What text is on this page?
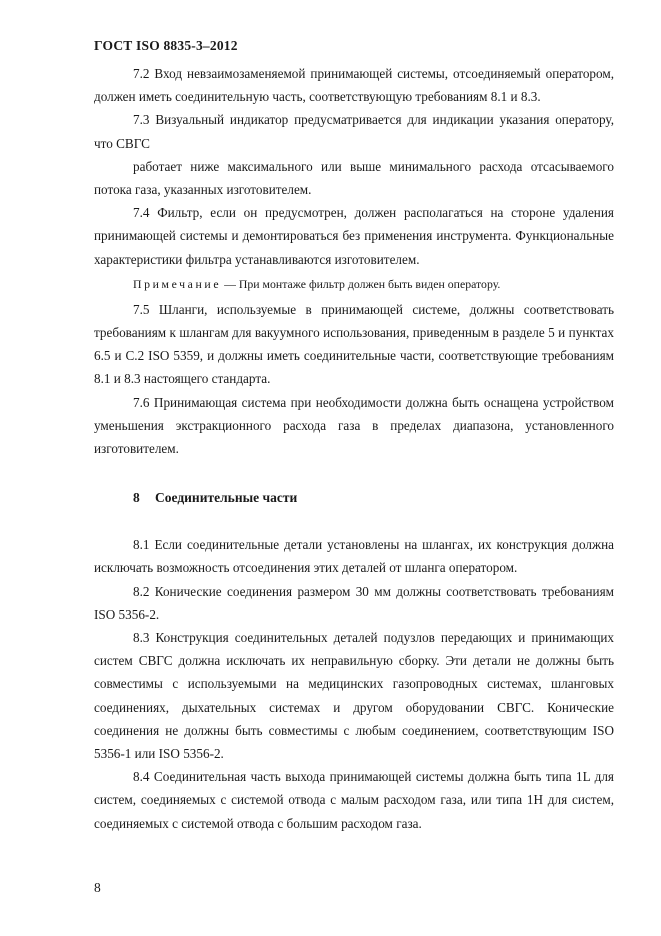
ГОСТ ISO 8835-3–2012

7.2 Вход невзаимозаменяемой принимающей системы, отсоединяемый оператором, должен иметь соединительную часть, соответствующую требованиям 8.1 и 8.3.

7.3 Визуальный индикатор предусматривается для индикации указания оператору, что СВГС

работает ниже максимального или выше минимального расхода отсасываемого потока газа, указанных изготовителем.

7.4 Фильтр, если он предусмотрен, должен располагаться на стороне удаления принимающей системы и демонтироваться без применения инструмента. Функциональные характеристики фильтра устанавливаются изготовителем.

Примечание — При монтаже фильтр должен быть виден оператору.

7.5 Шланги, используемые в принимающей системе, должны соответствовать требованиям к шлангам для вакуумного использования, приведенным в разделе 5 и пунктах 6.5 и С.2 ISO 5359, и должны иметь соединительные части, соответствующие требованиям 8.1 и 8.3 настоящего стандарта.

7.6 Принимающая система при необходимости должна быть оснащена устройством уменьшения экстракционного расхода газа в пределах диапазона, установленного изготовителем.

8 Соединительные части

8.1 Если соединительные детали установлены на шлангах, их конструкция должна исключать возможность отсоединения этих деталей от шланга оператором.

8.2 Конические соединения размером 30 мм должны соответствовать требованиям ISO 5356-2.

8.3 Конструкция соединительных деталей подузлов передающих и принимающих систем СВГС должна исключать их неправильную сборку. Эти детали не должны быть совместимы с используемыми на медицинских газопроводных системах, шланговых соединениях, дыхательных системах и другом оборудовании СВГС. Конические соединения не должны быть совместимы с любым соединением, соответствующим ISO 5356-1 или ISO 5356-2.

8.4 Соединительная часть выхода принимающей системы должна быть типа 1L для систем, соединяемых с системой отвода с малым расходом газа, или типа 1H для систем, соединяемых с системой отвода с большим расходом газа.

8
